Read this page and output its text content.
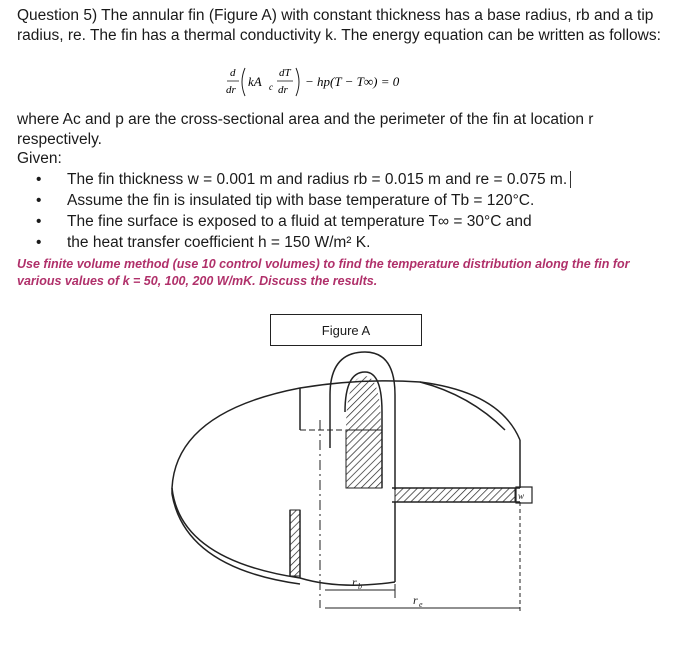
Question 5) The annular fin (Figure A) with constant thickness has a base radius, rb and a tip
radius, re. The fin has a thermal conductivity k. The energy equation can be written as follows:
d
dr
kA c
dT
dr
− hp(T − T∞) = 0
where Ac and p are the cross-sectional area and the perimeter of the fin at location r
respectively.
Given:
• The fin thickness w = 0.001 m and radius rb = 0.015 m and re = 0.075 m.
• Assume the fin is insulated tip with base temperature of Tb = 120°C.
• The fine surface is exposed to a fluid at temperature T∞ = 30°C and
• the heat transfer coefficient h = 150 W/m² K.
Use finite volume method (use 10 control volumes) to find the temperature distribution along the fin for
various values of k = 50, 100, 200 W/mK. Discuss the results.
Figure A
w
r b
r e
